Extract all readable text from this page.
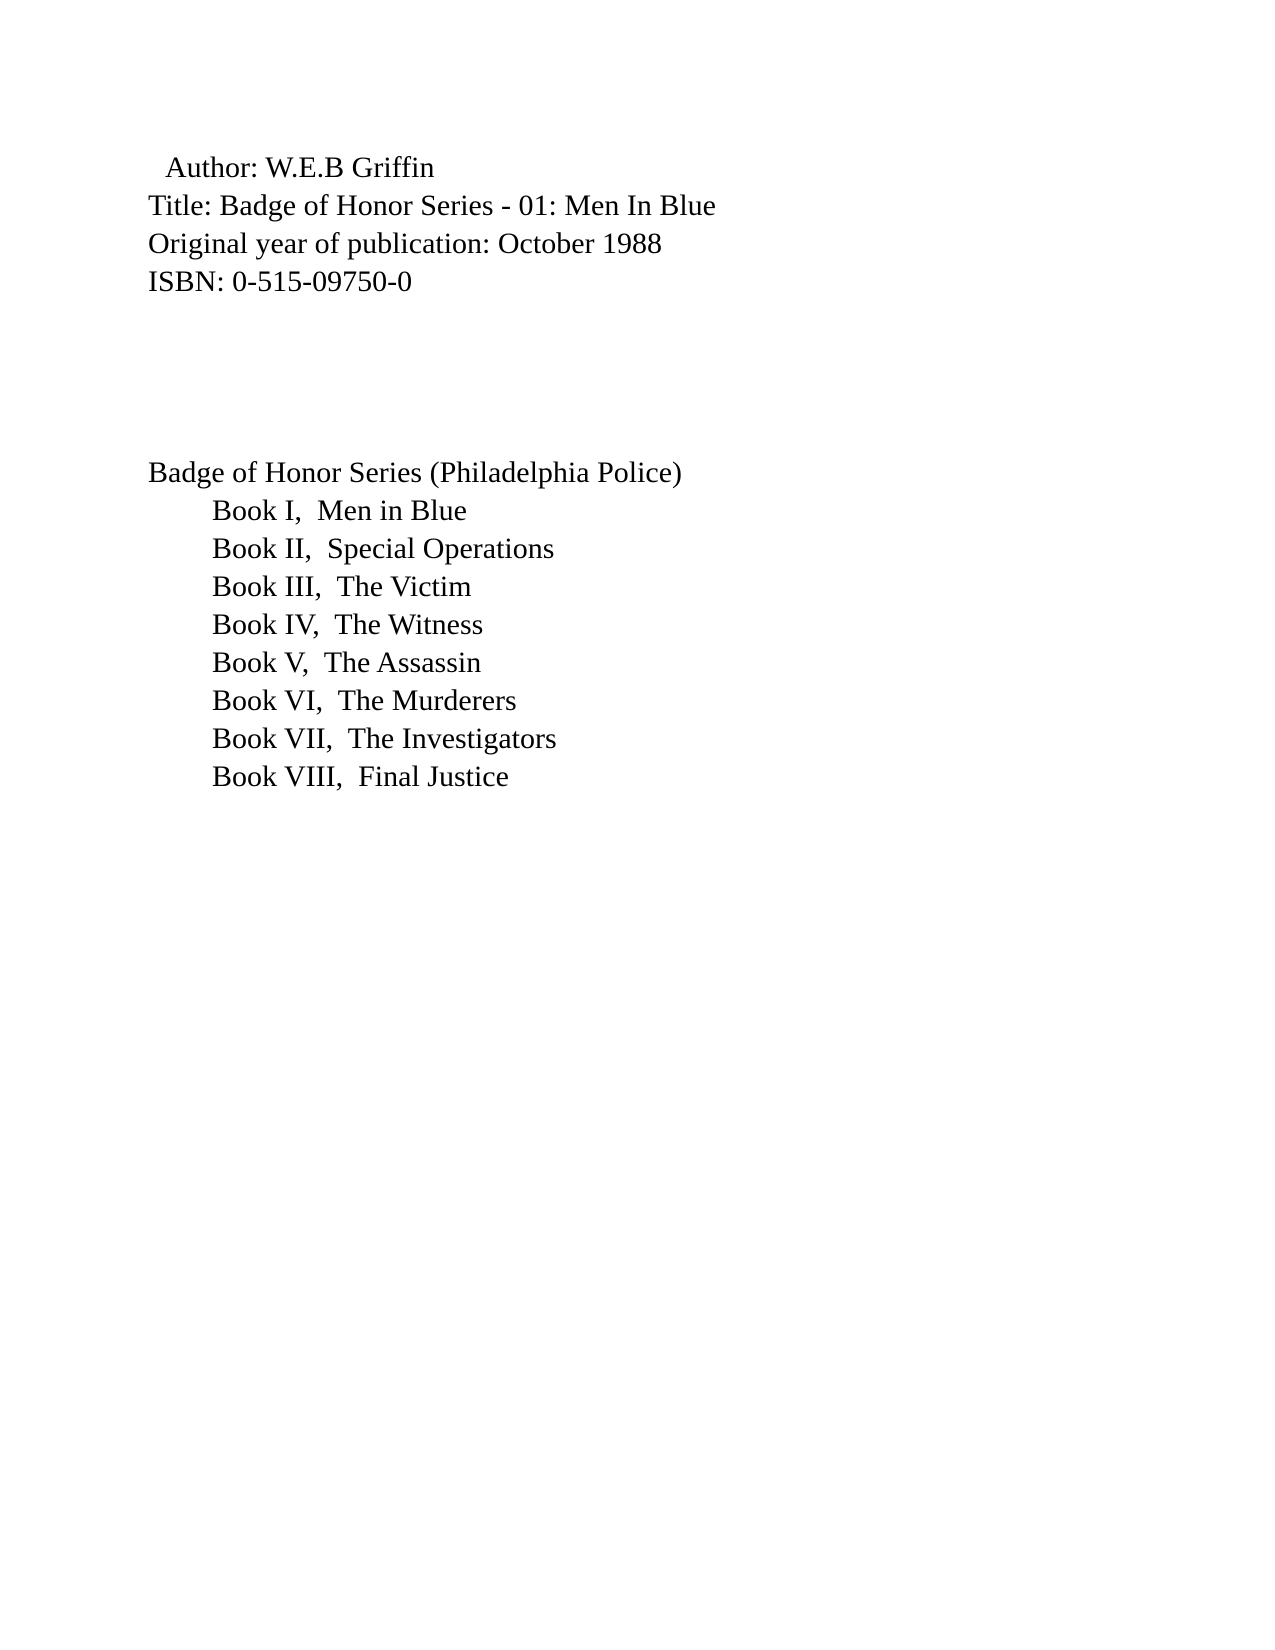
Author: W.E.B Griffin

Title: Badge of Honor Series - 01: Men In Blue

Original year of publication: October 1988

ISBN: 0-515-09750-0

Badge of Honor Series (Philadelphia Police)

Book I,  Men in Blue
Book II,  Special Operations
Book III,  The Victim
Book IV,  The Witness
Book V,  The Assassin
Book VI,  The Murderers
Book VII,  The Investigators
Book VIII,  Final Justice
